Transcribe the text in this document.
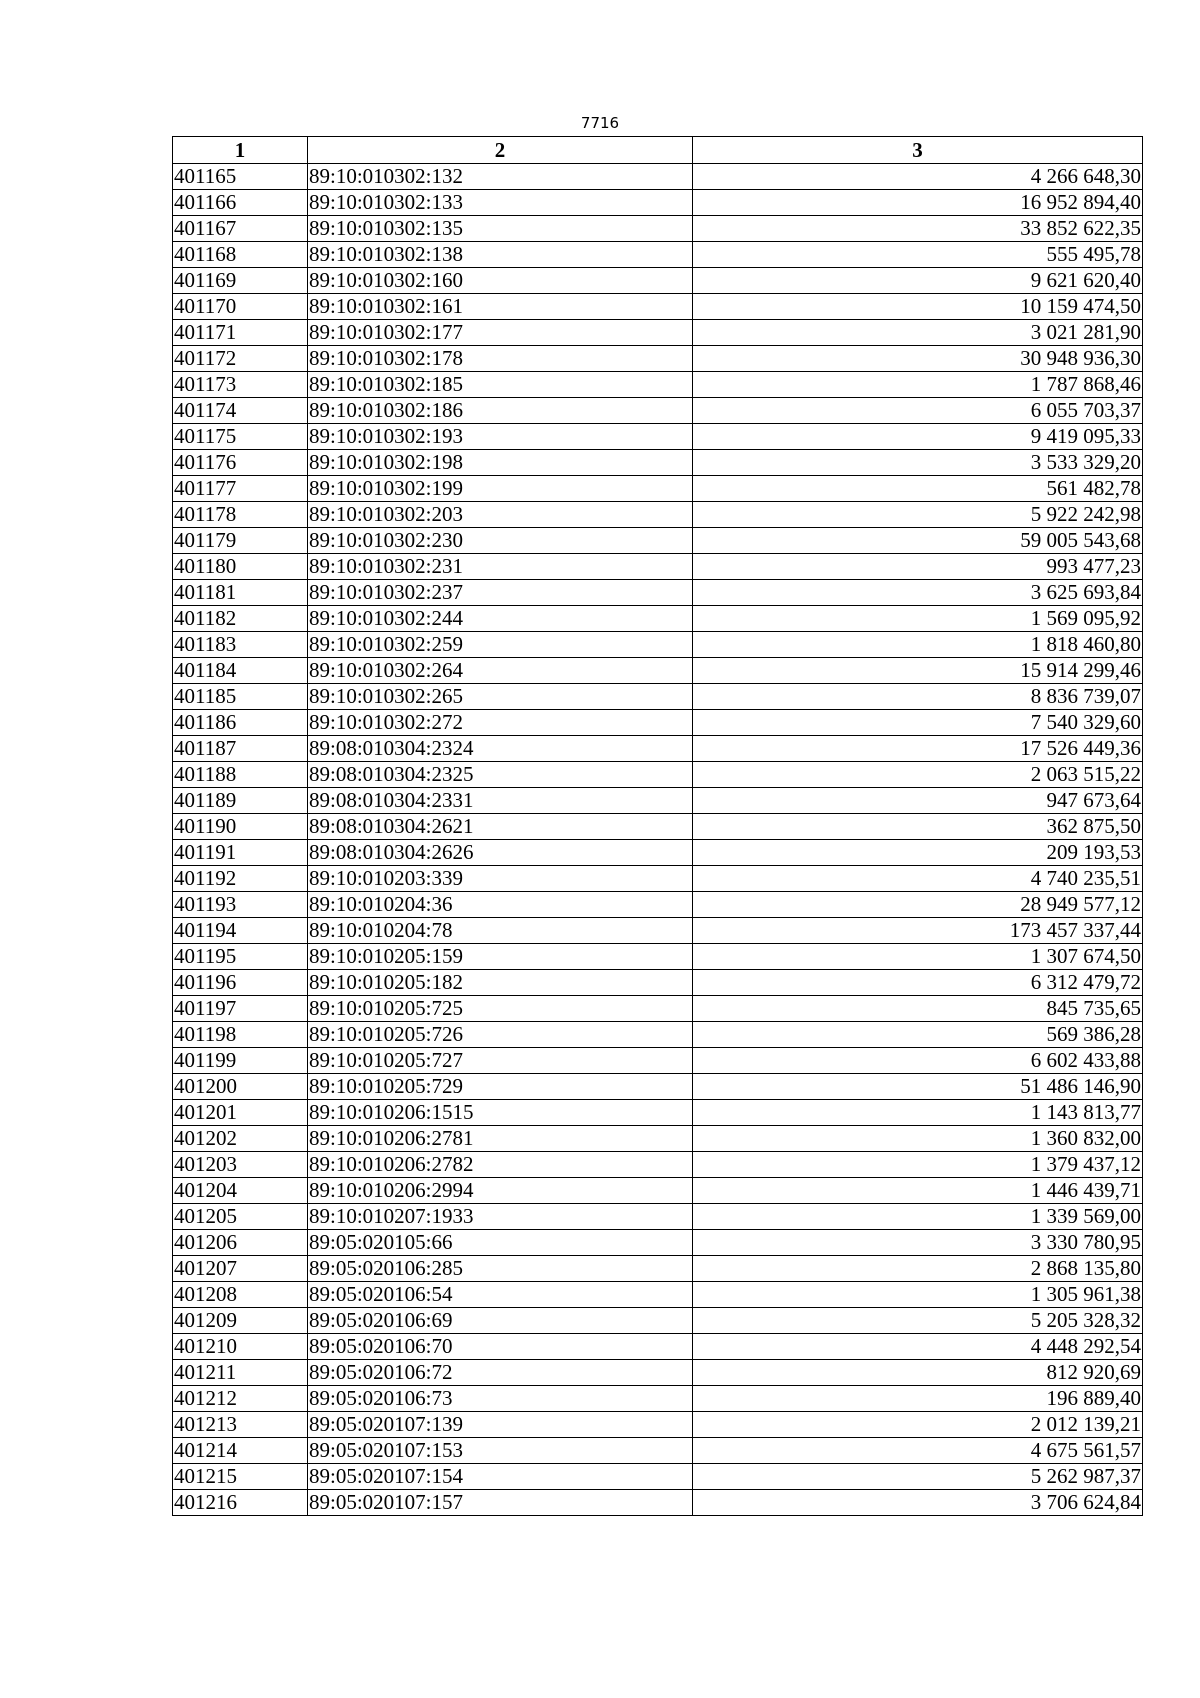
7716
1	2	3
401165	89:10:010302:132	4 266 648,30
401166	89:10:010302:133	16 952 894,40
401167	89:10:010302:135	33 852 622,35
401168	89:10:010302:138	555 495,78
401169	89:10:010302:160	9 621 620,40
401170	89:10:010302:161	10 159 474,50
401171	89:10:010302:177	3 021 281,90
401172	89:10:010302:178	30 948 936,30
401173	89:10:010302:185	1 787 868,46
401174	89:10:010302:186	6 055 703,37
401175	89:10:010302:193	9 419 095,33
401176	89:10:010302:198	3 533 329,20
401177	89:10:010302:199	561 482,78
401178	89:10:010302:203	5 922 242,98
401179	89:10:010302:230	59 005 543,68
401180	89:10:010302:231	993 477,23
401181	89:10:010302:237	3 625 693,84
401182	89:10:010302:244	1 569 095,92
401183	89:10:010302:259	1 818 460,80
401184	89:10:010302:264	15 914 299,46
401185	89:10:010302:265	8 836 739,07
401186	89:10:010302:272	7 540 329,60
401187	89:08:010304:2324	17 526 449,36
401188	89:08:010304:2325	2 063 515,22
401189	89:08:010304:2331	947 673,64
401190	89:08:010304:2621	362 875,50
401191	89:08:010304:2626	209 193,53
401192	89:10:010203:339	4 740 235,51
401193	89:10:010204:36	28 949 577,12
401194	89:10:010204:78	173 457 337,44
401195	89:10:010205:159	1 307 674,50
401196	89:10:010205:182	6 312 479,72
401197	89:10:010205:725	845 735,65
401198	89:10:010205:726	569 386,28
401199	89:10:010205:727	6 602 433,88
401200	89:10:010205:729	51 486 146,90
401201	89:10:010206:1515	1 143 813,77
401202	89:10:010206:2781	1 360 832,00
401203	89:10:010206:2782	1 379 437,12
401204	89:10:010206:2994	1 446 439,71
401205	89:10:010207:1933	1 339 569,00
401206	89:05:020105:66	3 330 780,95
401207	89:05:020106:285	2 868 135,80
401208	89:05:020106:54	1 305 961,38
401209	89:05:020106:69	5 205 328,32
401210	89:05:020106:70	4 448 292,54
401211	89:05:020106:72	812 920,69
401212	89:05:020106:73	196 889,40
401213	89:05:020107:139	2 012 139,21
401214	89:05:020107:153	4 675 561,57
401215	89:05:020107:154	5 262 987,37
401216	89:05:020107:157	3 706 624,84
